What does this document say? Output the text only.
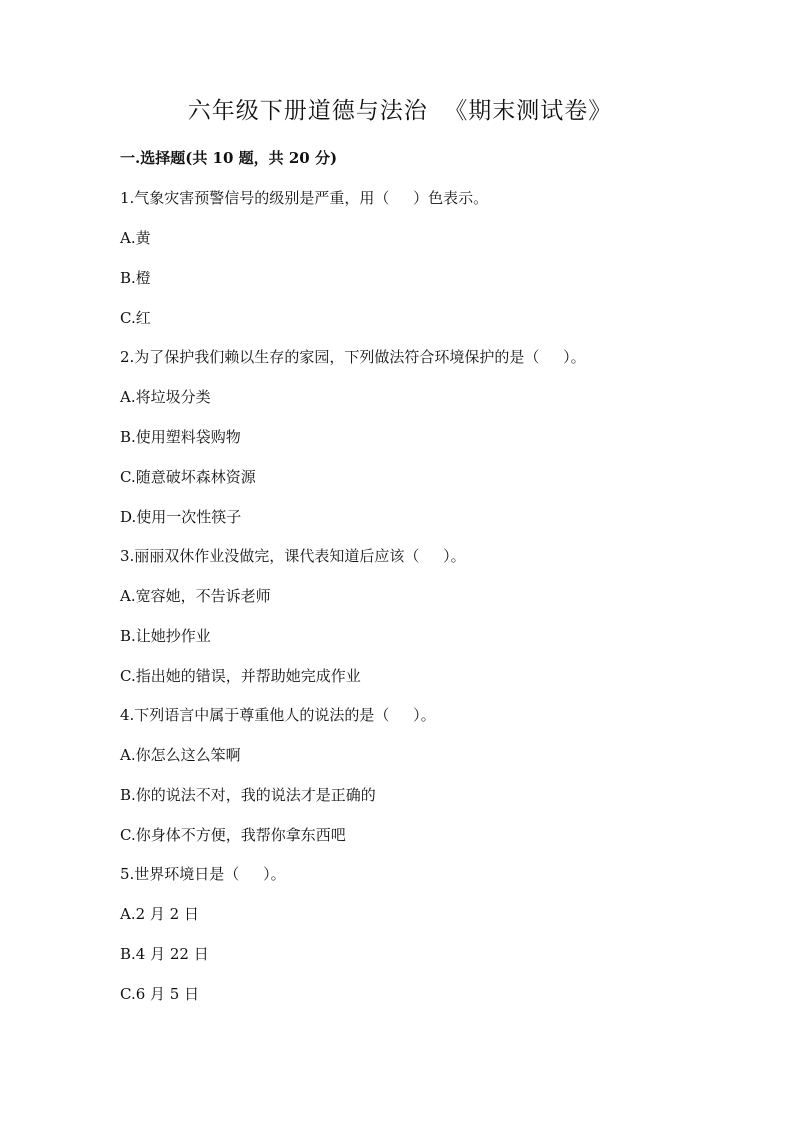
六年级下册道德与法治  《期末测试卷》
一.选择题(共 10 题，共 20 分)
1.气象灾害预警信号的级别是严重，用（     ）色表示。
A.黄
B.橙
C.红
2.为了保护我们赖以生存的家园，下列做法符合环境保护的是（     ）。
A.将垃圾分类
B.使用塑料袋购物
C.随意破坏森林资源
D.使用一次性筷子
3.丽丽双休作业没做完，课代表知道后应该（     ）。
A.宽容她，不告诉老师
B.让她抄作业
C.指出她的错误，并帮助她完成作业
4.下列语言中属于尊重他人的说法的是（     ）。
A.你怎么这么笨啊
B.你的说法不对，我的说法才是正确的
C.你身体不方便，我帮你拿东西吧
5.世界环境日是（     ）。
A.2 月 2 日
B.4 月 22 日
C.6 月 5 日
